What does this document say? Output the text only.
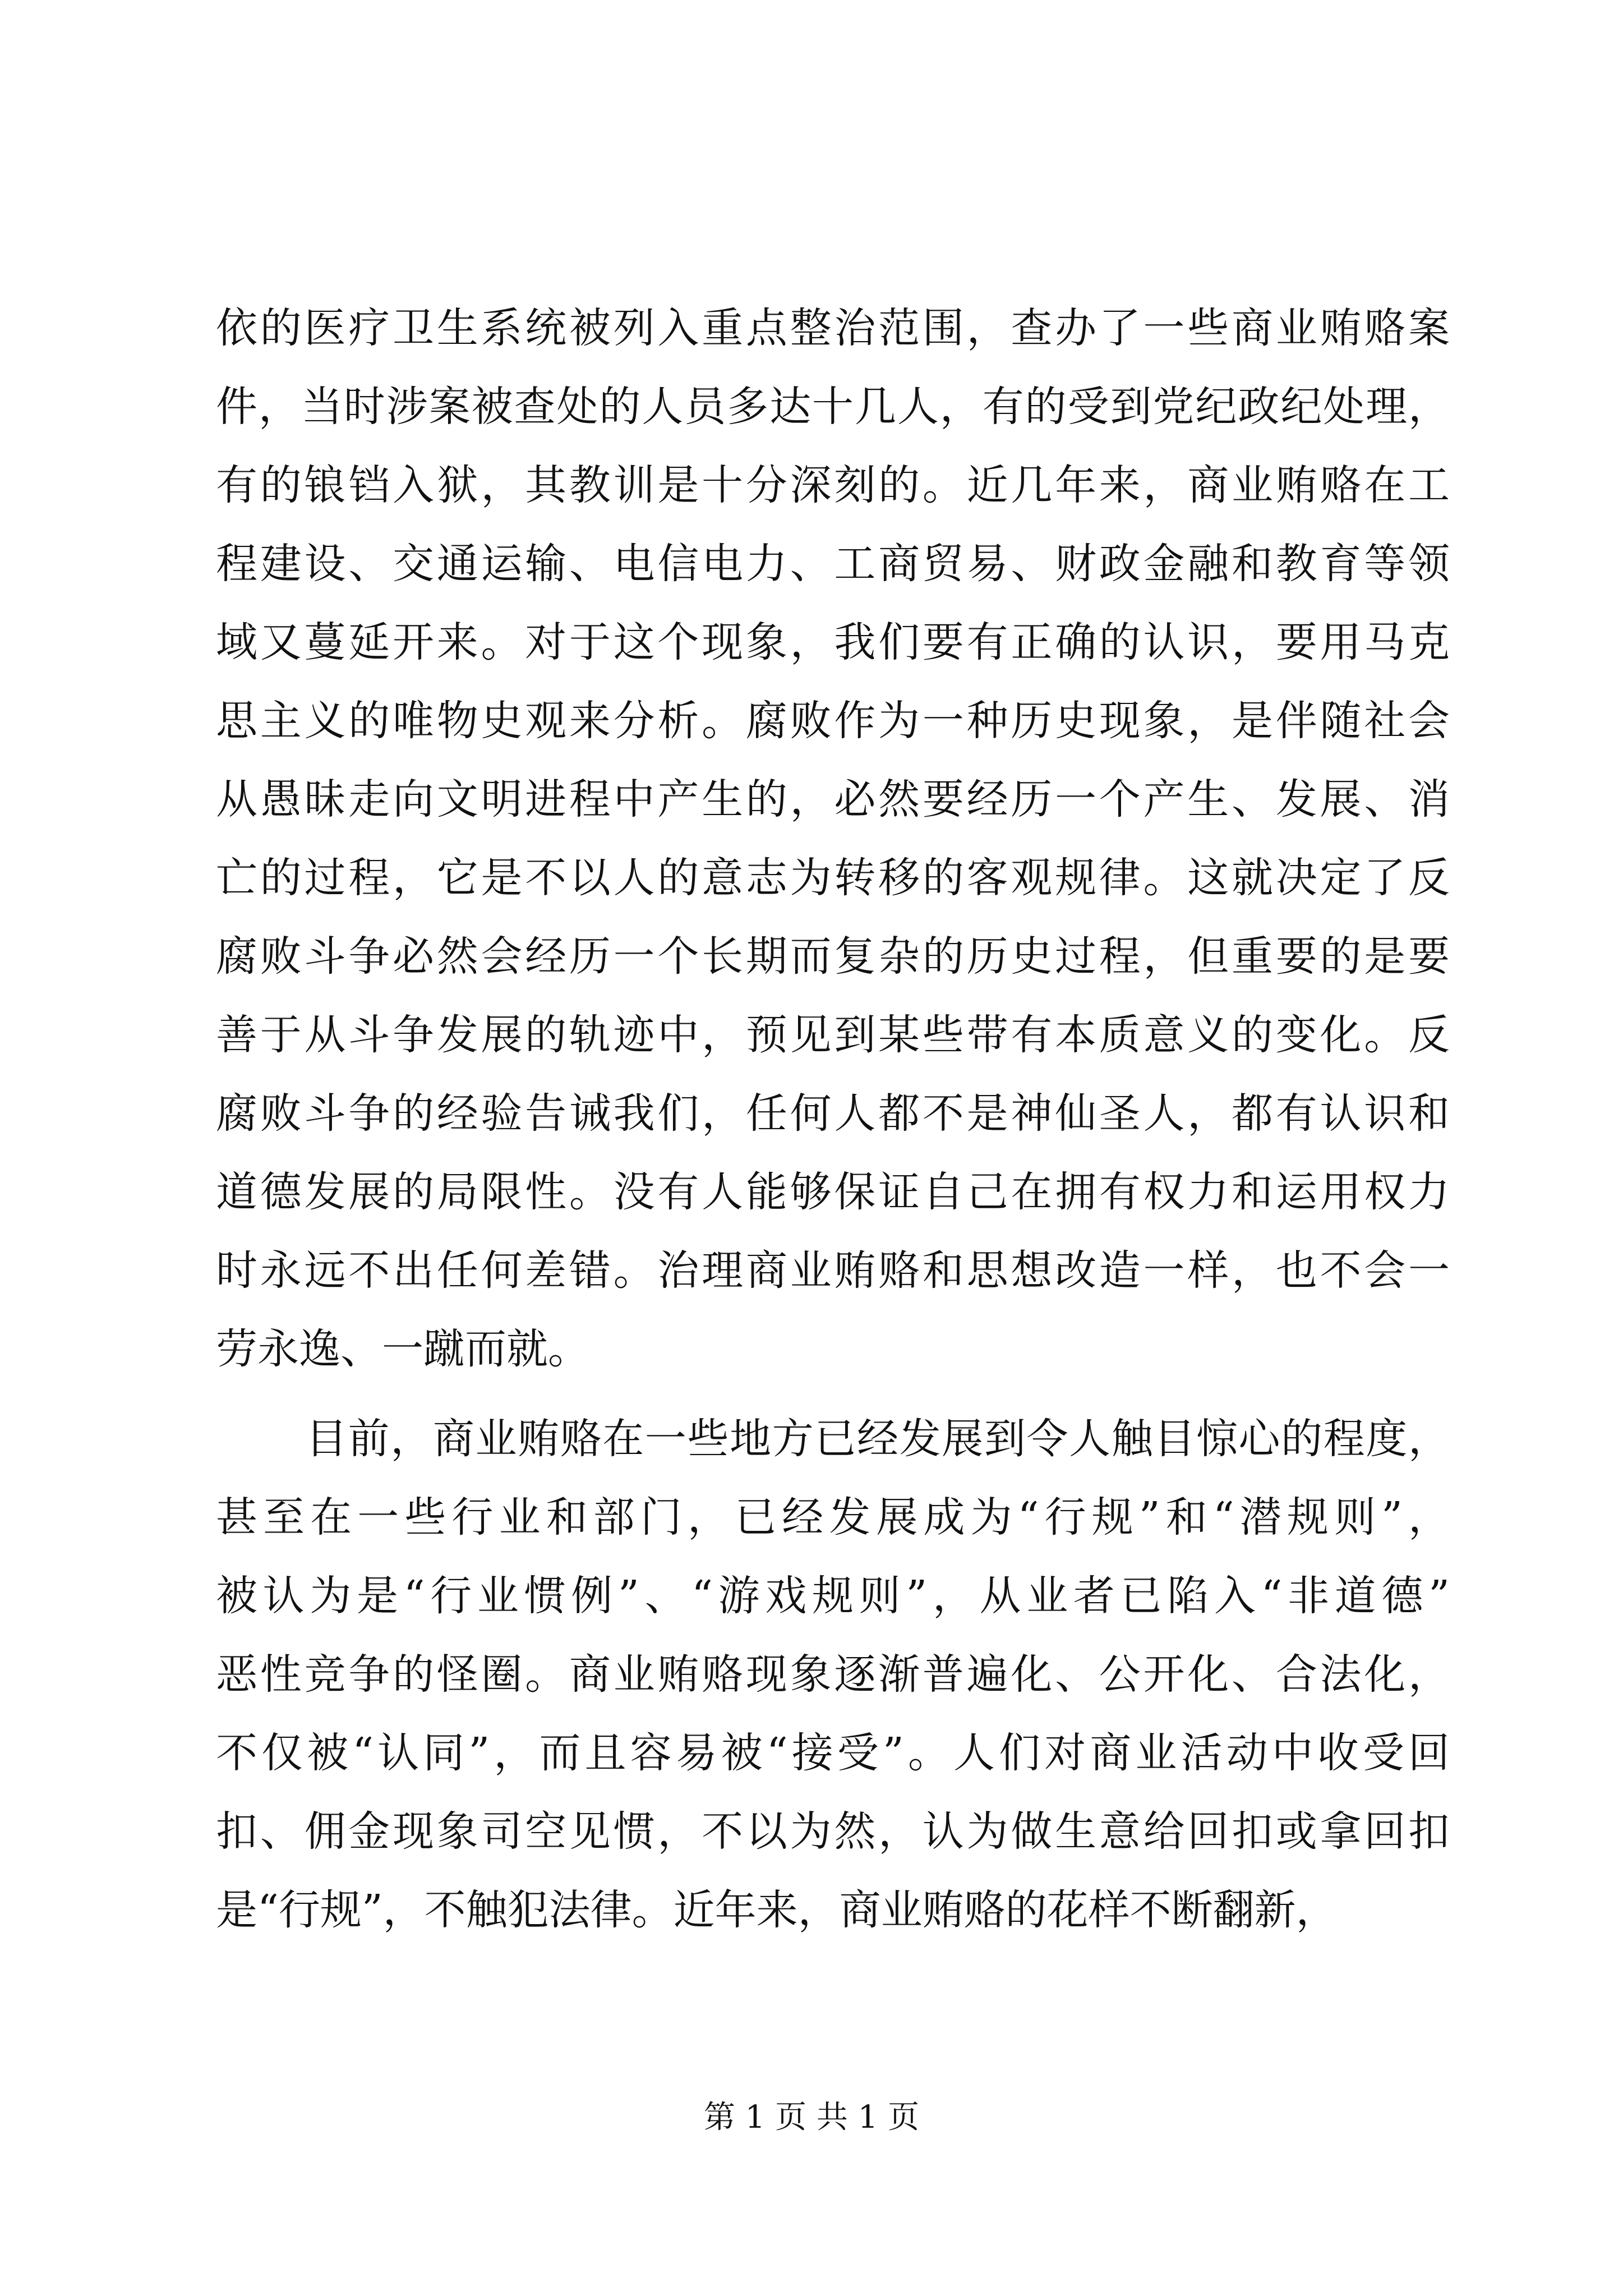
依的医疗卫生系统被列入重点整治范围，查办了一些商业贿赂案
件，当时涉案被查处的人员多达十几人，有的受到党纪政纪处理，
有的锒铛入狱，其教训是十分深刻的。近几年来，商业贿赂在工
程建设、交通运输、电信电力、工商贸易、财政金融和教育等领
域又蔓延开来。对于这个现象，我们要有正确的认识，要用马克
思主义的唯物史观来分析。腐败作为一种历史现象，是伴随社会
从愚昧走向文明进程中产生的，必然要经历一个产生、发展、消
亡的过程，它是不以人的意志为转移的客观规律。这就决定了反
腐败斗争必然会经历一个长期而复杂的历史过程，但重要的是要
善于从斗争发展的轨迹中，预见到某些带有本质意义的变化。反
腐败斗争的经验告诫我们，任何人都不是神仙圣人，都有认识和
道德发展的局限性。没有人能够保证自己在拥有权力和运用权力
时永远不出任何差错。治理商业贿赂和思想改造一样，也不会一
劳永逸、一蹴而就。
目前，商业贿赂在一些地方已经发展到令人触目惊心的程度，
甚至在一些行业和部门，已经发展成为“行规”和“潜规则”，
被认为是“行业惯例”、“游戏规则”，从业者已陷入“非道德”
恶性竞争的怪圈。商业贿赂现象逐渐普遍化、公开化、合法化，
不仅被“认同”，而且容易被“接受”。人们对商业活动中收受回
扣、佣金现象司空见惯，不以为然，认为做生意给回扣或拿回扣
是“行规”，不触犯法律。近年来，商业贿赂的花样不断翻新，
第 1 页 共 1 页
